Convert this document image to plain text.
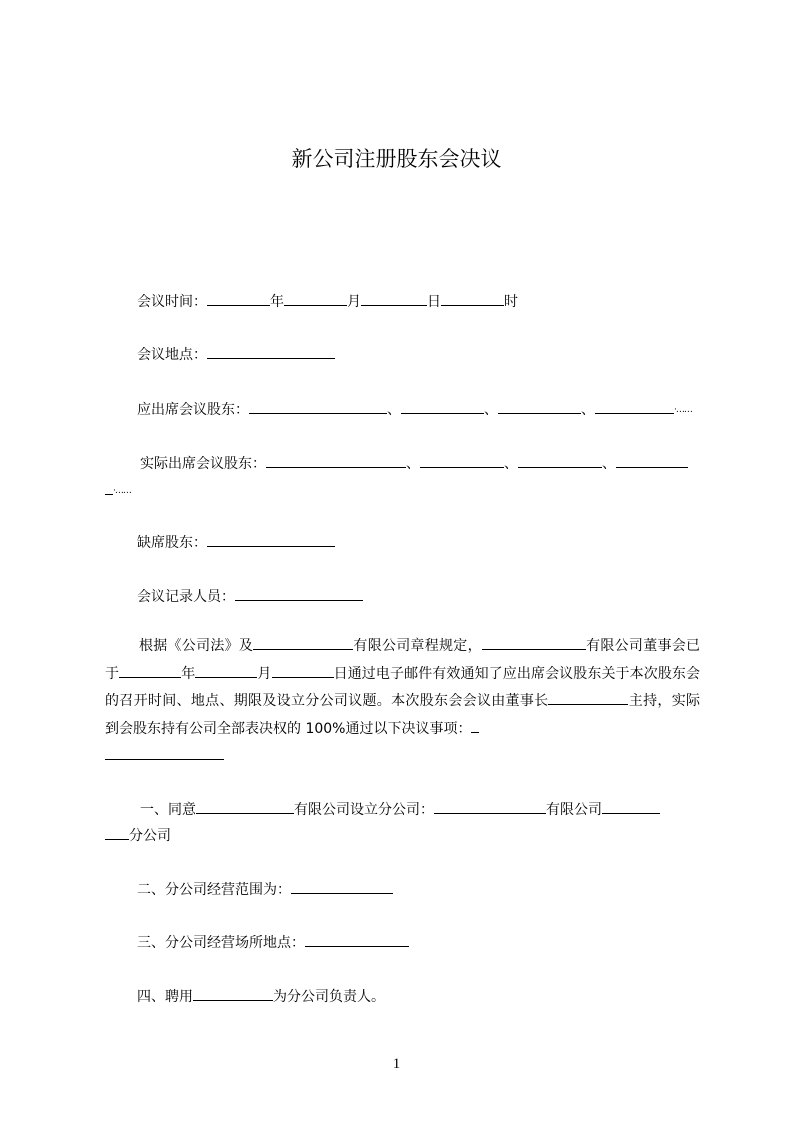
新公司注册股东会决议
会议时间：	年	月	日	时
会议地点：
应出席会议股东：	、	、	、	·……
实际出席会议股东：	、	、	、
·……
缺席股东：
会议记录人员：
根据《公司法》及	有限公司章程规定，	有限公司董事会已于	年	月	日通过电子邮件有效通知了应出席会议股东关于本次股东会的召开时间、地点、期限及设立分公司议题。本次股东会会议由董事长	主持，实际到会股东持有公司全部表决权的 100%通过以下决议事项：

一、同意	有限公司设立分公司：	有限公司
分公司
二、分公司经营范围为：
三、分公司经营场所地点：
四、聘用	为分公司负责人。
1
